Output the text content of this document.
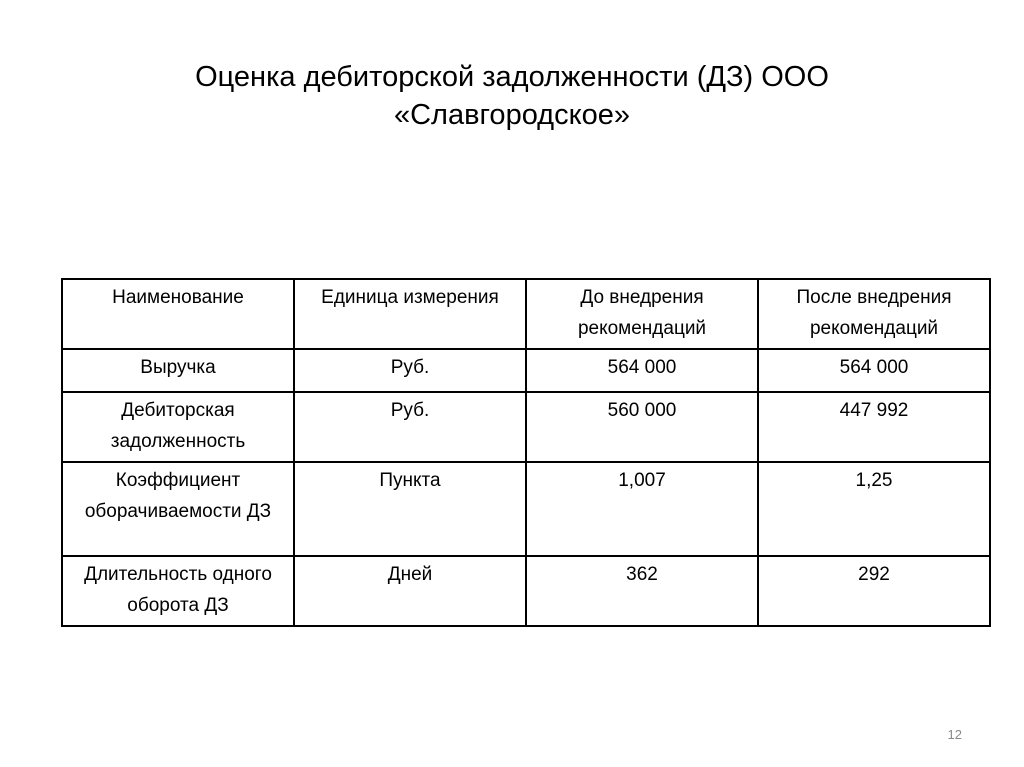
Оценка дебиторской задолженности (ДЗ) ООО
«Славгородское»
Наименование	Единица измерения	До внедрения рекомендаций	После внедрения рекомендаций
Выручка	Руб.	564 000	564 000
Дебиторская задолженность	Руб.	560 000	447 992
Коэффициент оборачиваемости ДЗ	Пункта	1,007	1,25
Длительность одного оборота ДЗ	Дней	362	292
12
